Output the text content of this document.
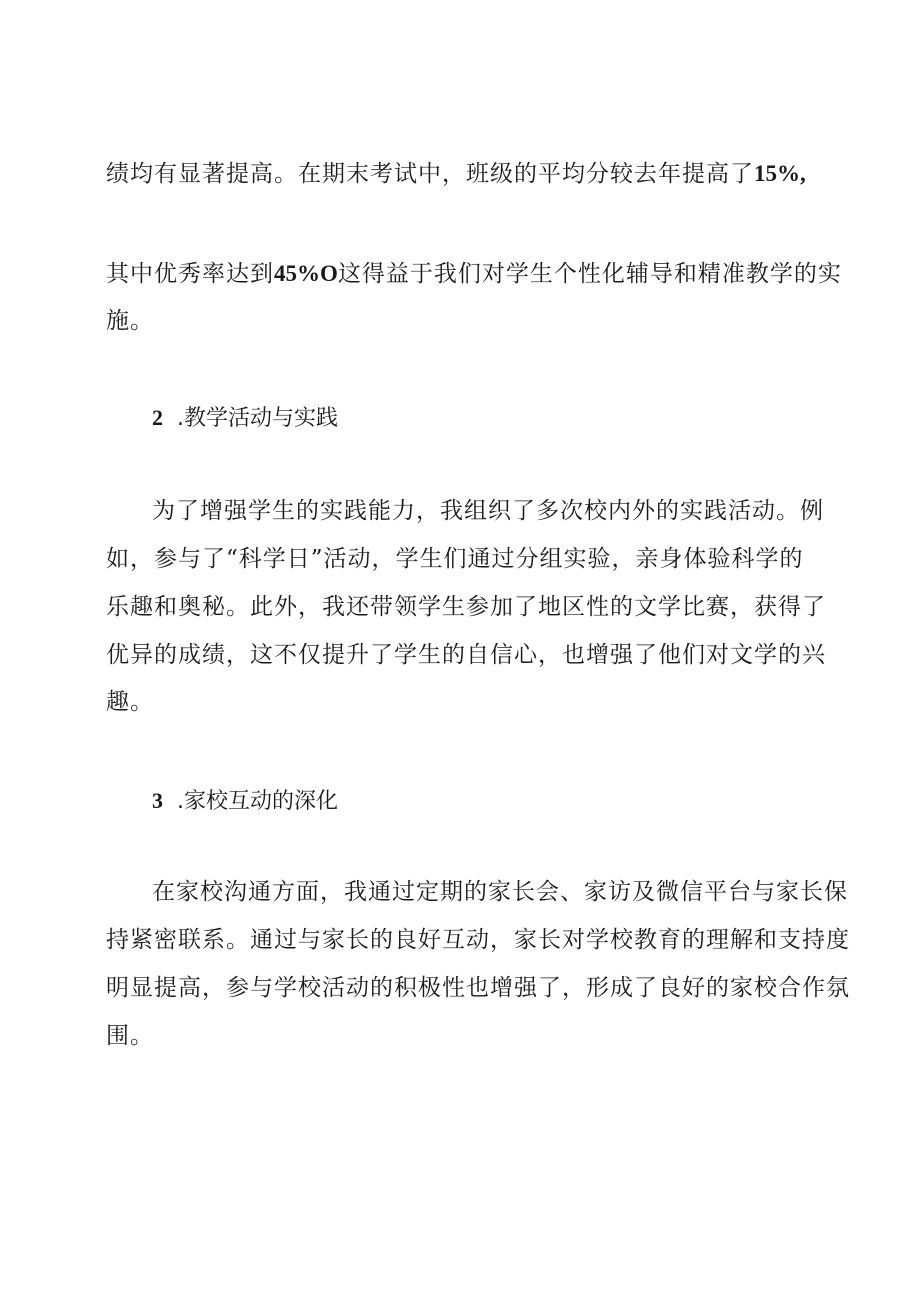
绩均有显著提高。在期末考试中，班级的平均分较去年提高了15%,
其中优秀率达到45%O这得益于我们对学生个性化辅导和精准教学的实
施。
2 .教学活动与实践
为了增强学生的实践能力，我组织了多次校内外的实践活动。例
如，参与了“科学日”活动，学生们通过分组实验，亲身体验科学的
乐趣和奥秘。此外，我还带领学生参加了地区性的文学比赛，获得了
优异的成绩，这不仅提升了学生的自信心，也增强了他们对文学的兴
趣。
3 .家校互动的深化
在家校沟通方面，我通过定期的家长会、家访及微信平台与家长保
持紧密联系。通过与家长的良好互动，家长对学校教育的理解和支持度
明显提高，参与学校活动的积极性也增强了，形成了良好的家校合作氛
围。
